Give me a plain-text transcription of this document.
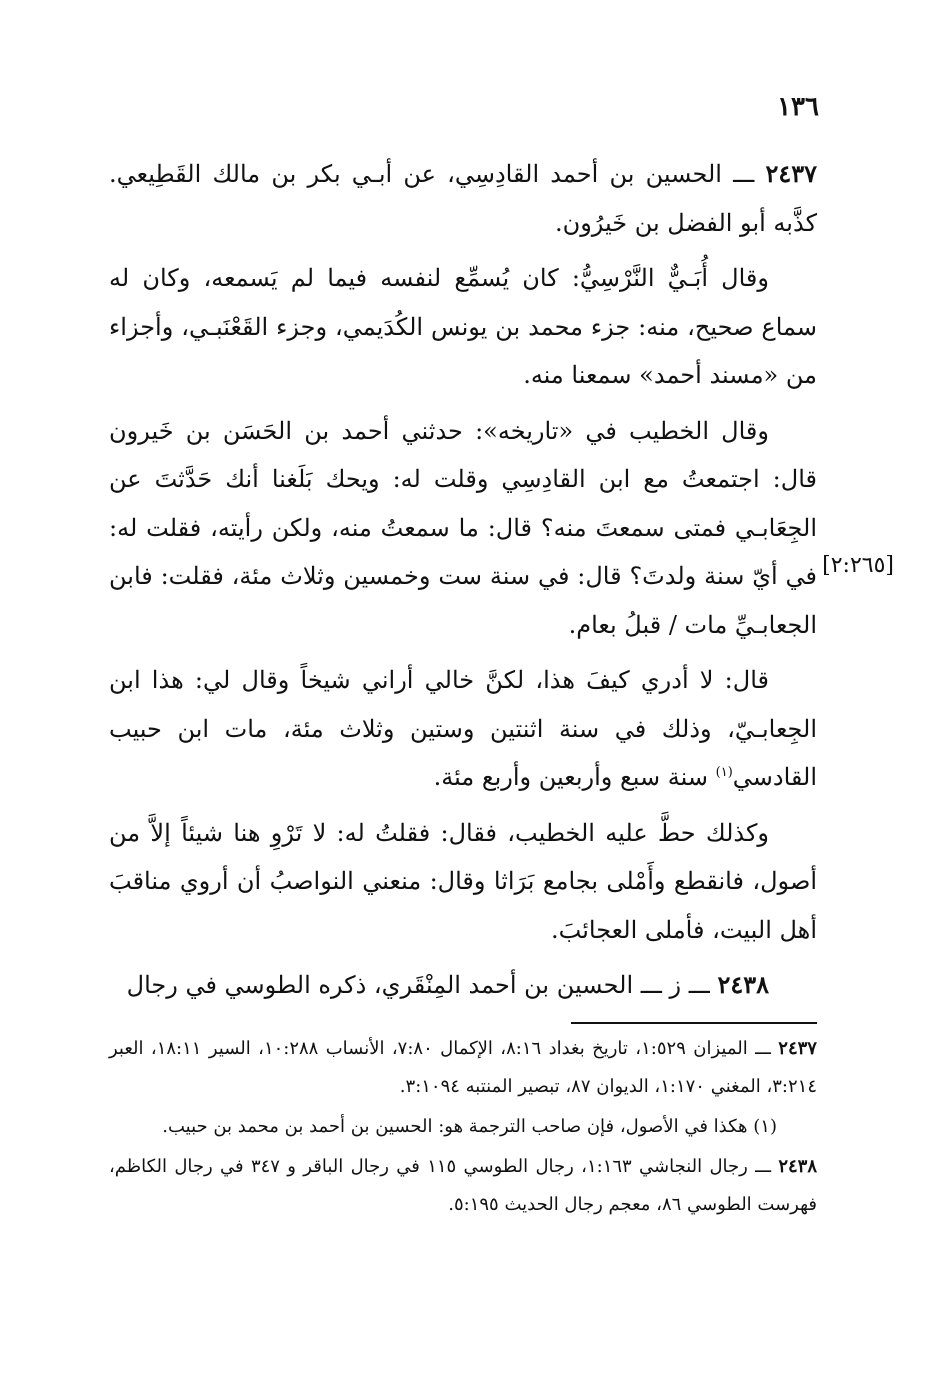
١٣٦
[٢:٢٦٥]

٢٤٣٧ ـــ الحسين بن أحمد القادِسِي، عن أبـي بكر بن مالك القَطِيعي. كذَّبه أبو الفضل بن خَيرُون.

وقال أُبَـيٌّ النَّرْسِيُّ: كان يُسمِّع لنفسه فيما لم يَسمعه، وكان له سماع صحيح، منه: جزء محمد بن يونس الكُدَيمي، وجزء القَعْنَبـي، وأجزاء من «مسند أحمد» سمعنا منه.

وقال الخطيب في «تاريخه»: حدثني أحمد بن الحَسَن بن خَيرون قال: اجتمعتُ مع ابن القادِسِي وقلت له: ويحك بَلَغنا أنك حَدَّثتَ عن الجِعَابـي فمتى سمعتَ منه؟ قال: ما سمعتُ منه، ولكن رأيته، فقلت له: في أيّ سنة ولدتَ؟ قال: في سنة ست وخمسين وثلاث مئة، فقلت: فابن الجعابـيِّ مات / قبلُ بعام.

قال: لا أدري كيفَ هذا، لكنَّ خالي أراني شيخاً وقال لي: هذا ابن الجِعابـيّ، وذلك في سنة اثنتين وستين وثلاث مئة، مات ابن حبيب القادسي$^{(١)}$ سنة سبع وأربعين وأربع مئة.

وكذلك حطَّ عليه الخطيب، فقال: فقلتُ له: لا تَرْوِ هنا شيئاً إلاَّ من أصول، فانقطع وأَمْلى بجامع بَرَاثا وقال: منعني النواصبُ أن أروي مناقبَ أهل البيت، فأملى العجائبَ.

٢٤٣٨ ـــ ز ـــ الحسين بن أحمد المِنْقَري، ذكره الطوسي في رجال

٢٤٣٧ ـــ الميزان ١:٥٢٩، تاريخ بغداد ٨:١٦، الإكمال ٧:٨٠، الأنساب ١٠:٢٨٨، السير ١٨:١١، العبر ٣:٢١٤، المغني ١:١٧٠، الديوان ٨٧، تبصير المنتبه ٣:١٠٩٤.

(١) هكذا في الأصول، فإن صاحب الترجمة هو: الحسين بن أحمد بن محمد بن حبيب.

٢٤٣٨ ـــ رجال النجاشي ١:١٦٣، رجال الطوسي ١١٥ في رجال الباقر و ٣٤٧ في رجال الكاظم، فهرست الطوسي ٨٦، معجم رجال الحديث ٥:١٩٥.
